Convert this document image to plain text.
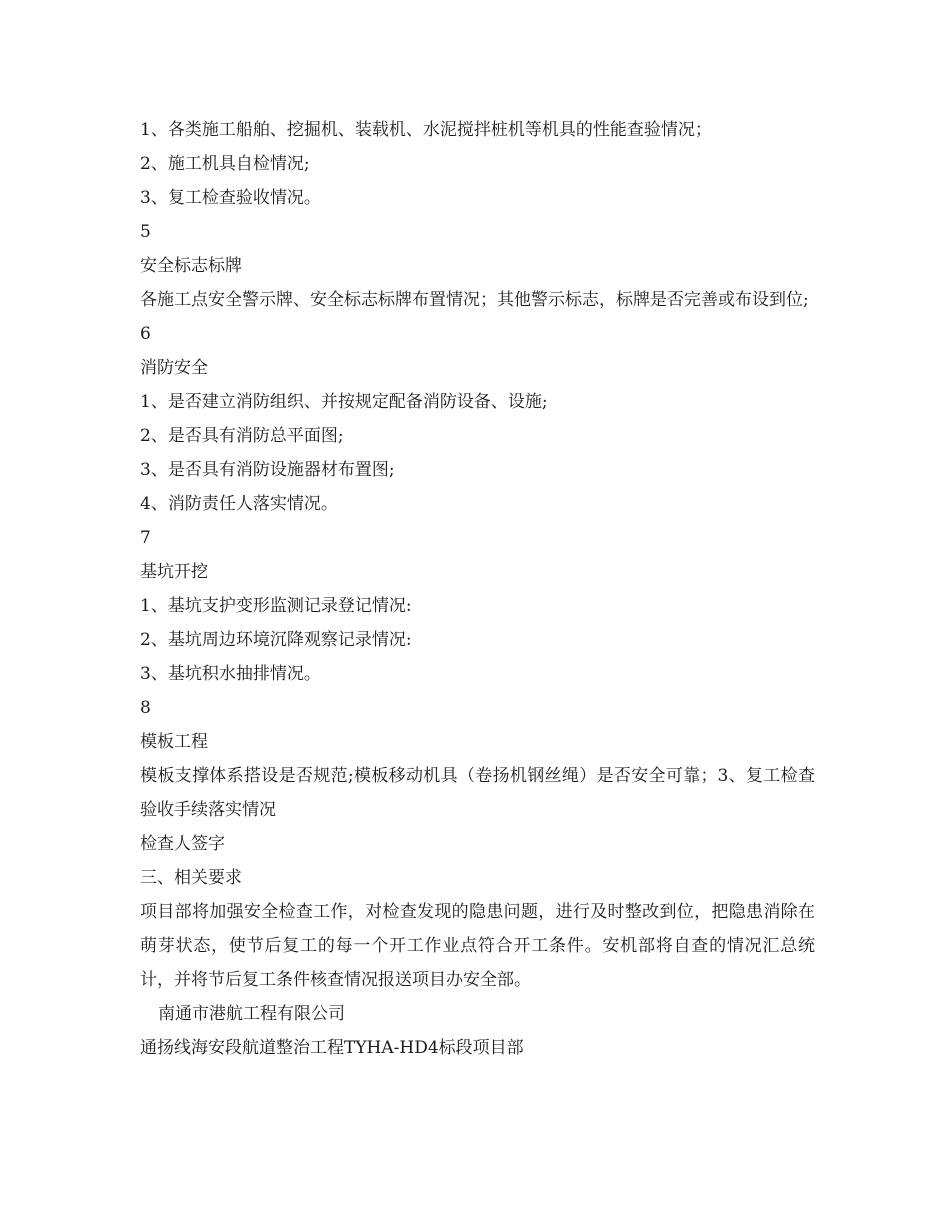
1、各类施工船舶、挖掘机、装载机、水泥搅拌桩机等机具的性能查验情况；
2、施工机具自检情况;
3、复工检查验收情况。
5
安全标志标牌
各施工点安全警示牌、安全标志标牌布置情况；其他警示标志，标牌是否完善或布设到位;
6
消防安全
1、是否建立消防组织、并按规定配备消防设备、设施;
2、是否具有消防总平面图;
3、是否具有消防设施器材布置图;
4、消防责任人落实情况。
7
基坑开挖
1、基坑支护变形监测记录登记情况:
2、基坑周边环境沉降观察记录情况:
3、基坑积水抽排情况。
8
模板工程
模板支撑体系搭设是否规范;模板移动机具（卷扬机钢丝绳）是否安全可靠；3、复工检查验收手续落实情况
检查人签字
三、相关要求
项目部将加强安全检查工作，对检查发现的隐患问题，进行及时整改到位，把隐患消除在萌芽状态，使节后复工的每一个开工作业点符合开工条件。安机部将自查的情况汇总统计，并将节后复工条件核查情况报送项目办安全部。
南通市港航工程有限公司
通扬线海安段航道整治工程TYHA-HD4标段项目部
